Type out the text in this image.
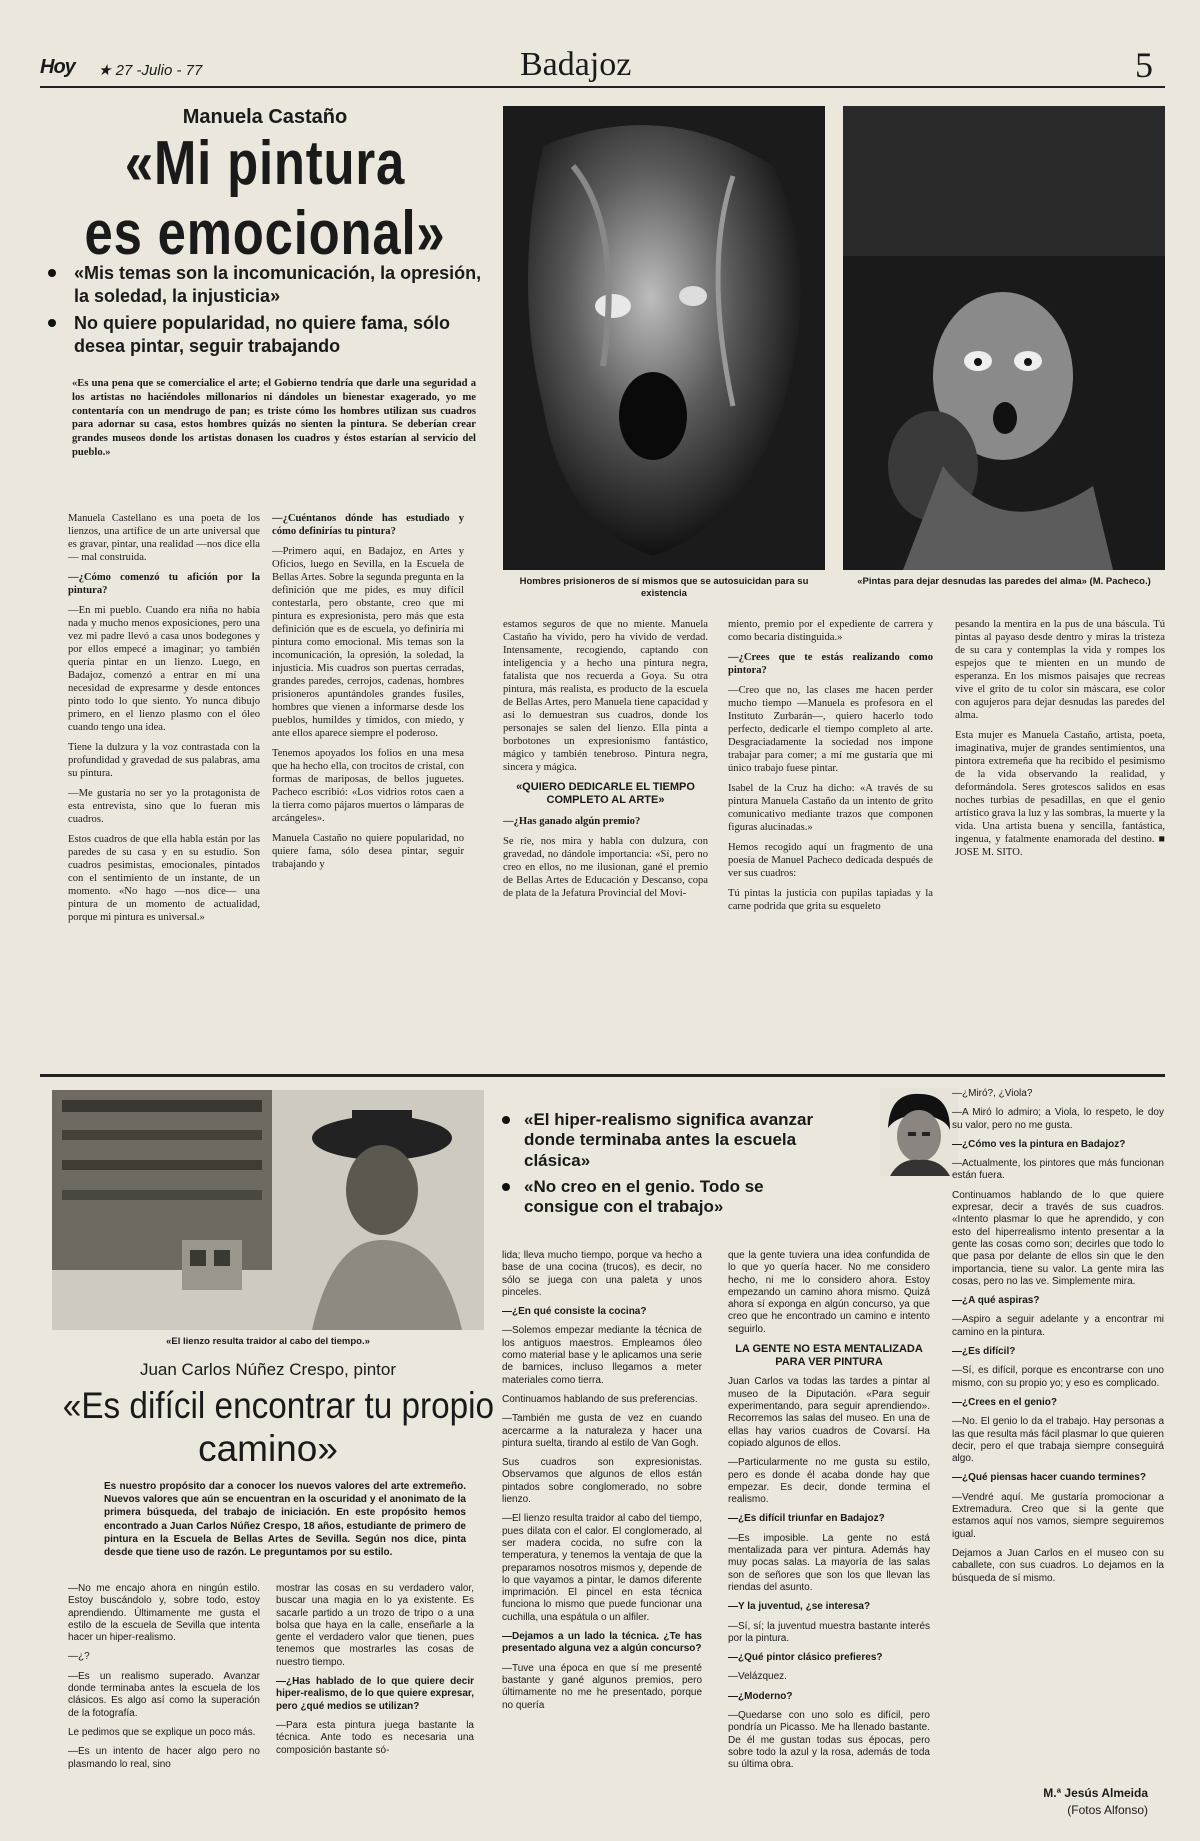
Hoy ★ 27 -Julio - 77	Badajoz	5
Manuela Castaño
«Mi pintura
es emocional»
«Mis temas son la incomunicación, la opresión, la soledad, la injusticia»
No quiere popularidad, no quiere fama, sólo desea pintar, seguir trabajando
«Es una pena que se comercialice el arte; el Gobierno tendría que darle una seguridad a los artistas no haciéndoles millonarios ni dándoles un bienestar exagerado, yo me contentaría con un mendrugo de pan; es triste cómo los hombres utilizan sus cuadros para adornar su casa, estos hombres quizás no sienten la pintura. Se deberían crear grandes museos donde los artistas donasen los cuadros y éstos estarían al servicio del pueblo.»
Hombres prisioneros de sí mismos que se autosuicidan para su existencia
«Pintas para dejar desnudas las paredes del alma» (M. Pacheco.)

Manuela Castellano es una poeta de los lienzos, una artífice de un arte universal que es gravar, pintar, una realidad —nos dice ella— mal construida.

—¿Cómo comenzó tu afición por la pintura?

—En mi pueblo. Cuando era niña no había nada y mucho menos exposiciones, pero una vez mi padre llevó a casa unos bodegones y por ellos empecé a imaginar; yo también quería pintar en un lienzo. Luego, en Badajoz, comenzó a entrar en mí una necesidad de expresarme y desde entonces pinto todo lo que siento. Yo nunca dibujo primero, en el lienzo plasmo con el óleo cuando tengo una idea.

Tiene la dulzura y la voz contrastada con la profundidad y gravedad de sus palabras, ama su pintura.

—Me gustaría no ser yo la protagonista de esta entrevista, sino que lo fueran mis cuadros.

Estos cuadros de que ella habla están por las paredes de su casa y en su estudio. Son cuadros pesimistas, emocionales, pintados con el sentimiento de un instante, de un momento. «No hago —nos dice— una pintura de un momento de actualidad, porque mi pintura es universal.»

—¿Cuéntanos dónde has estudiado y cómo definirías tu pintura?

—Primero aquí, en Badajoz, en Artes y Oficios, luego en Sevilla, en la Escuela de Bellas Artes. Sobre la segunda pregunta en la definición que me pides, es muy difícil contestarla, pero obstante, creo que mi pintura es expresionista, pero más que esta definición que es de escuela, yo definiría mi pintura como emocional. Mis temas son la incomunicación, la opresión, la soledad, la injusticia. Mis cuadros son puertas cerradas, grandes paredes, cerrojos, cadenas, hombres prisioneros apuntándoles grandes fusiles, hombres que vienen a informarse desde los pueblos, humildes y tímidos, con miedo, y ante ellos aparece siempre el poderoso.

Tenemos apoyados los folios en una mesa que ha hecho ella, con trocitos de cristal, con formas de mariposas, de bellos juguetes. Pacheco escribió: «Los vidrios rotos caen a la tierra como pájaros muertos o lámparas de arcángeles».

Manuela Castaño no quiere popularidad, no quiere fama, sólo desea pintar, seguir trabajando y

estamos seguros de que no miente. Manuela Castaño ha vivido, pero ha vivido de verdad. Intensamente, recogiendo, captando con inteligencia y a hecho una pintura negra, fatalista que nos recuerda a Goya. Su otra pintura, más realista, es producto de la escuela de Bellas Artes, pero Manuela tiene capacidad y así lo demuestran sus cuadros, donde los personajes se salen del lienzo. Ella pinta a borbotones un expresionismo fantástico, mágico y también tenebroso. Pintura negra, sincera y mágica.

«QUIERO DEDICARLE EL TIEMPO COMPLETO AL ARTE»

—¿Has ganado algún premio?

Se ríe, nos mira y habla con dulzura, con gravedad, no dándole importancia: «Sí, pero no creo en ellos, no me ilusionan, gané el premio de Bellas Artes de Educación y Descanso, copa de plata de la Jefatura Provincial del Movi-

miento, premio por el expediente de carrera y como becaria distinguida.»

—¿Crees que te estás realizando como pintora?

—Creo que no, las clases me hacen perder mucho tiempo —Manuela es profesora en el Instituto Zurbarán—, quiero hacerlo todo perfecto, dedicarle el tiempo completo al arte. Desgraciadamente la sociedad nos impone trabajar para comer; a mí me gustaría que mi único trabajo fuese pintar.

Isabel de la Cruz ha dicho: «A través de su pintura Manuela Castaño da un intento de grito comunicativo mediante trazos que componen figuras alucinadas.»

Hemos recogido aquí un fragmento de una poesía de Manuel Pacheco dedicada después de ver sus cuadros:

Tú pintas la justicia con pupilas tapiadas y la carne podrida que grita su esqueleto

pesando la mentira en la pus de una báscula. Tú pintas al payaso desde dentro y miras la tristeza de su cara y contemplas la vida y rompes los espejos que te mienten en un mundo de esperanza. En los mismos paisajes que recreas vive el grito de tu color sin máscara, ese color con agujeros para dejar desnudas las paredes del alma.

Esta mujer es Manuela Castaño, artista, poeta, imaginativa, mujer de grandes sentimientos, una pintora extremeña que ha recibido el pesimismo de la vida observando la realidad, y deformándola. Seres grotescos salidos en esas noches turbias de pesadillas, en que el genio artístico grava la luz y las sombras, la muerte y la vida. Una artista buena y sencilla, fantástica, ingenua, y fatalmente enamorada del destino. ■ JOSE M. SITO.

«El lienzo resulta traidor al cabo del tiempo.»
«El hiper-realismo significa avanzar donde terminaba antes la escuela clásica»
«No creo en el genio. Todo se consigue con el trabajo»
Juan Carlos Núñez Crespo, pintor
«Es difícil encontrar tu propio
camino»
Es nuestro propósito dar a conocer los nuevos valores del arte extremeño. Nuevos valores que aún se encuentran en la oscuridad y el anonimato de la primera búsqueda, del trabajo de iniciación. En este propósito hemos encontrado a Juan Carlos Núñez Crespo, 18 años, estudiante de primero de pintura en la Escuela de Bellas Artes de Sevilla. Según nos dice, pinta desde que tiene uso de razón. Le preguntamos por su estilo.

—No me encajo ahora en ningún estilo. Estoy buscándolo y, sobre todo, estoy aprendiendo. Últimamente me gusta el estilo de la escuela de Sevilla que intenta hacer un hiper-realismo.

—¿?

—Es un realismo superado. Avanzar donde terminaba antes la escuela de los clásicos. Es algo así como la superación de la fotografía.

Le pedimos que se explique un poco más.

—Es un intento de hacer algo pero no plasmando lo real, sino

mostrar las cosas en su verdadero valor, buscar una magia en lo ya existente. Es sacarle partido a un trozo de tripo o a una bolsa que haya en la calle, enseñarle a la gente el verdadero valor que tienen, pues tenemos que mostrarles las cosas de nuestro tiempo.

—¿Has hablado de lo que quiere decir hiper-realismo, de lo que quiere expresar, pero ¿qué medios se utilizan?

—Para esta pintura juega bastante la técnica. Ante todo es necesaria una composición bastante só-

lida; lleva mucho tiempo, porque va hecho a base de una cocina (trucos), es decir, no sólo se juega con una paleta y unos pinceles.

—¿En qué consiste la cocina?

—Solemos empezar mediante la técnica de los antiguos maestros. Empleamos óleo como material base y le aplicamos una serie de barnices, incluso llegamos a meter materiales como tierra.

Continuamos hablando de sus preferencias.

—También me gusta de vez en cuando acercarme a la naturaleza y hacer una pintura suelta, tirando al estilo de Van Gogh.

Sus cuadros son expresionistas. Observamos que algunos de ellos están pintados sobre conglomerado, no sobre lienzo.

—El lienzo resulta traidor al cabo del tiempo, pues dilata con el calor. El conglomerado, al ser madera cocida, no sufre con la temperatura, y tenemos la ventaja de que la preparamos nosotros mismos y, depende de lo que vayamos a pintar, le damos diferente imprimación. El pincel en esta técnica funciona lo mismo que puede funcionar una cuchilla, una espátula o un alfiler.

—Dejamos a un lado la técnica. ¿Te has presentado alguna vez a algún concurso?

—Tuve una época en que sí me presenté bastante y gané algunos premios, pero últimamente no me he presentado, porque no quería

que la gente tuviera una idea confundida de lo que yo quería hacer. No me considero hecho, ni me lo considero ahora. Estoy empezando un camino ahora mismo. Quizá ahora sí exponga en algún concurso, ya que creo que he encontrado un camino e intento seguirlo.

LA GENTE NO ESTA MENTALIZADA PARA VER PINTURA

Juan Carlos va todas las tardes a pintar al museo de la Diputación. «Para seguir experimentando, para seguir aprendiendo». Recorremos las salas del museo. En una de ellas hay varios cuadros de Covarsí. Ha copiado algunos de ellos.

—Particularmente no me gusta su estilo, pero es donde él acaba donde hay que empezar. Es decir, donde termina el realismo.

—¿Es difícil triunfar en Badajoz?

—Es imposible. La gente no está mentalizada para ver pintura. Además hay muy pocas salas. La mayoría de las salas son de señores que son los que llevan las riendas del asunto.

—Y la juventud, ¿se interesa?

—Sí, sí; la juventud muestra bastante interés por la pintura.

—¿Qué pintor clásico prefieres?

—Velázquez.

—¿Moderno?

—Quedarse con uno solo es difícil, pero pondría un Picasso. Me ha llenado bastante. De él me gustan todas sus épocas, pero sobre todo la azul y la rosa, además de toda su última obra.

—¿Miró?, ¿Viola?

—A Miró lo admiro; a Viola, lo respeto, le doy su valor, pero no me gusta.

—¿Cómo ves la pintura en Badajoz?

—Actualmente, los pintores que más funcionan están fuera.

Continuamos hablando de lo que quiere expresar, decir a través de sus cuadros. «Intento plasmar lo que he aprendido, y con esto del hiperrealismo intento presentar a la gente las cosas como son; decirles que todo lo que pasa por delante de ellos sin que le den importancia, tiene su valor. La gente mira las cosas, pero no las ve. Simplemente mira.

—¿A qué aspiras?

—Aspiro a seguir adelante y a encontrar mi camino en la pintura.

—¿Es difícil?

—Sí, es difícil, porque es encontrarse con uno mismo, con su propio yo; y eso es complicado.

—¿Crees en el genio?

—No. El genio lo da el trabajo. Hay personas a las que resulta más fácil plasmar lo que quieren decir, pero el que trabaja siempre conseguirá algo.

—¿Qué piensas hacer cuando termines?

—Vendré aquí. Me gustaría promocionar a Extremadura. Creo que si la gente que estamos aquí nos vamos, siempre seguiremos igual.

Dejamos a Juan Carlos en el museo con su caballete, con sus cuadros. Lo dejamos en la búsqueda de sí mismo.

M.ª Jesús Almeida
(Fotos Alfonso)
